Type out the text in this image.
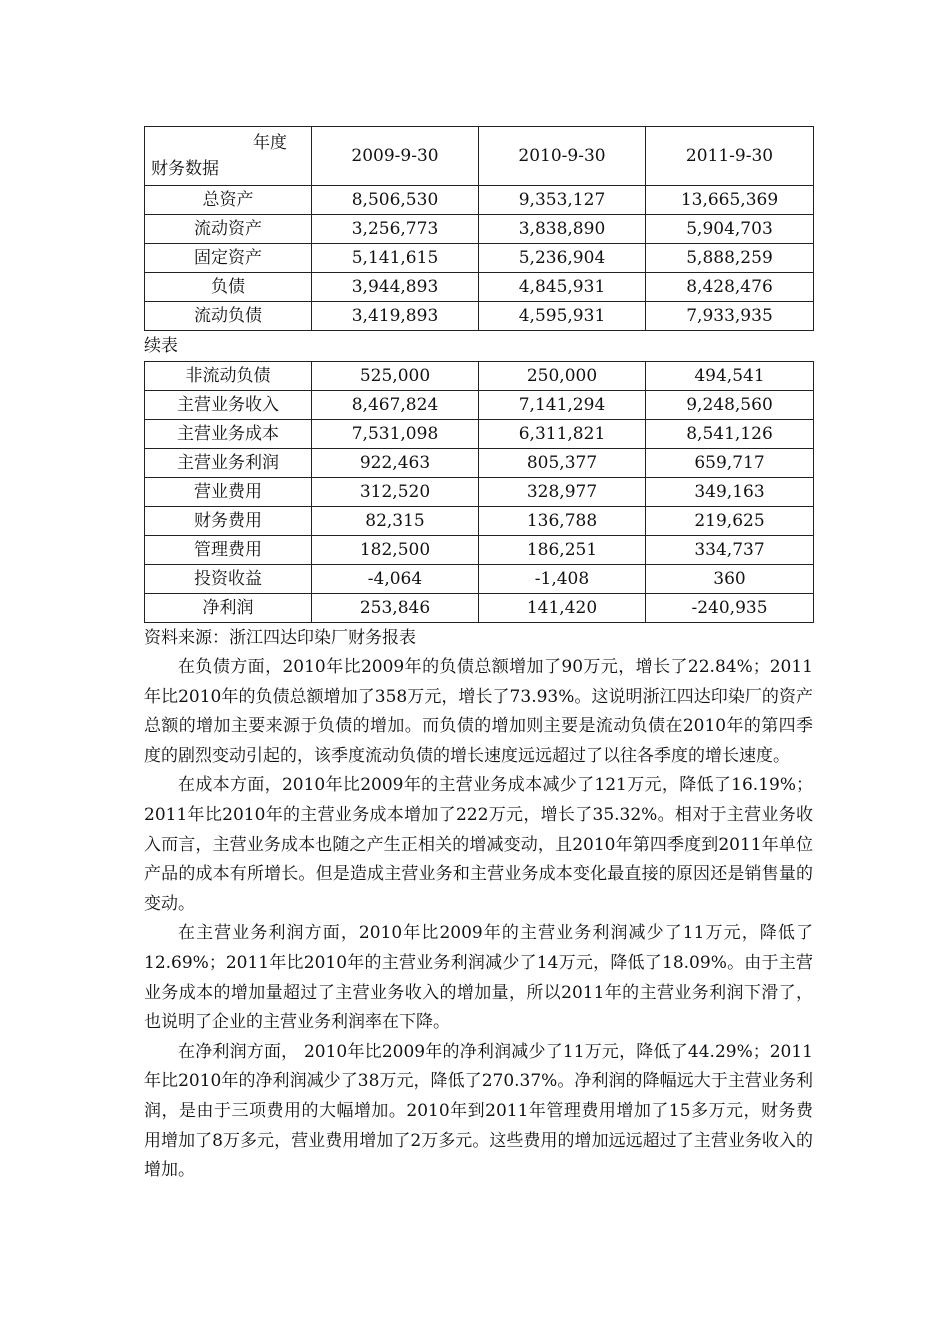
年度
财务数据	2009-9-30	2010-9-30	2011-9-30
总资产	8,506,530	9,353,127	13,665,369
流动资产	3,256,773	3,838,890	5,904,703
固定资产	5,141,615	5,236,904	5,888,259
负债	3,944,893	4,845,931	8,428,476
流动负债	3,419,893	4,595,931	7,933,935
续表
非流动负债	525,000	250,000	494,541
主营业务收入	8,467,824	7,141,294	9,248,560
主营业务成本	7,531,098	6,311,821	8,541,126
主营业务利润	922,463	805,377	659,717
营业费用	312,520	328,977	349,163
财务费用	82,315	136,788	219,625
管理费用	182,500	186,251	334,737
投资收益	-4,064	-1,408	360
净利润	253,846	141,420	-240,935
资料来源：浙江四达印染厂财务报表

在负债方面，2010年比2009年的负债总额增加了90万元，增长了22.84%；2011年比2010年的负债总额增加了358万元，增长了73.93%。这说明浙江四达印染厂的资产总额的增加主要来源于负债的增加。而负债的增加则主要是流动负债在2010年的第四季度的剧烈变动引起的，该季度流动负债的增长速度远远超过了以往各季度的增长速度。

在成本方面，2010年比2009年的主营业务成本减少了121万元，降低了16.19%；2011年比2010年的主营业务成本增加了222万元，增长了35.32%。相对于主营业务收入而言，主营业务成本也随之产生正相关的增减变动，且2010年第四季度到2011年单位产品的成本有所增长。但是造成主营业务和主营业务成本变化最直接的原因还是销售量的变动。

在主营业务利润方面，2010年比2009年的主营业务利润减少了11万元，降低了12.69%；2011年比2010年的主营业务利润减少了14万元，降低了18.09%。由于主营业务成本的增加量超过了主营业务收入的增加量，所以2011年的主营业务利润下滑了，也说明了企业的主营业务利润率在下降。

在净利润方面， 2010年比2009年的净利润减少了11万元，降低了44.29%；2011年比2010年的净利润减少了38万元，降低了270.37%。净利润的降幅远大于主营业务利润，是由于三项费用的大幅增加。2010年到2011年管理费用增加了15多万元，财务费用增加了8万多元，营业费用增加了2万多元。这些费用的增加远远超过了主营业务收入的增加。
